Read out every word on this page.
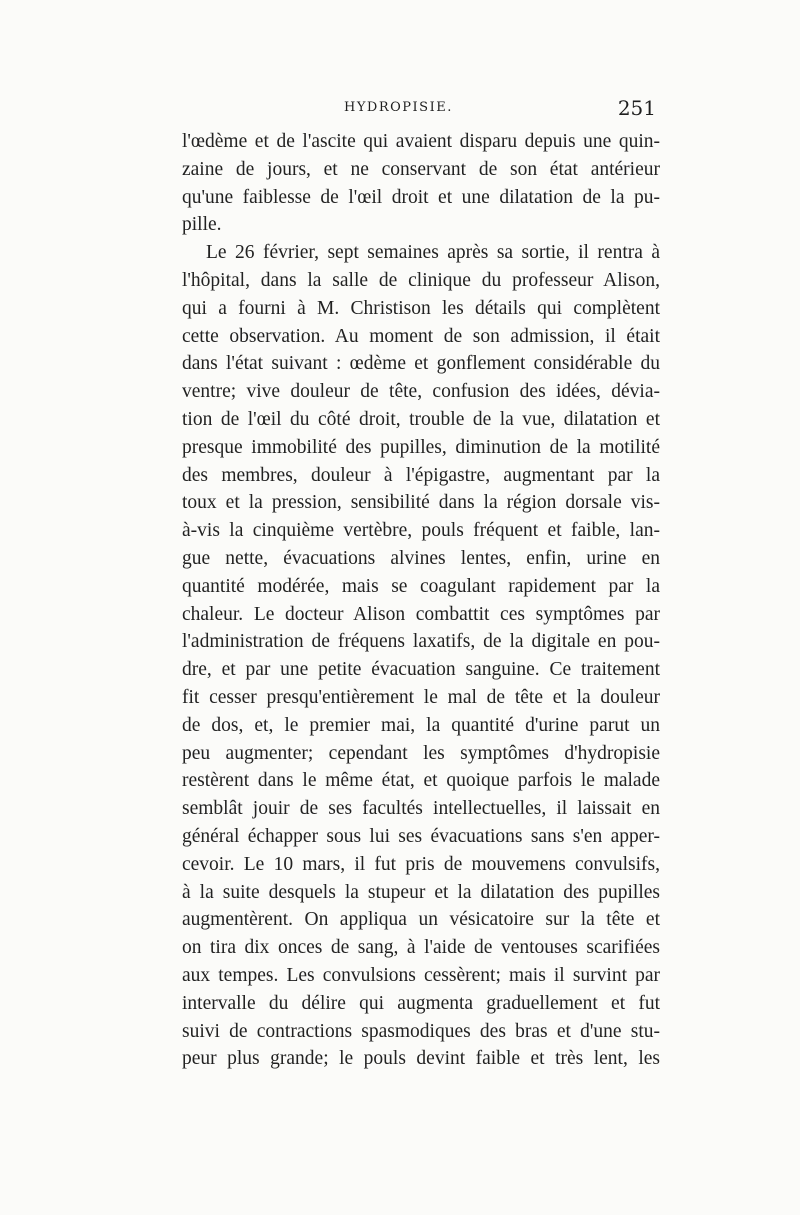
HYDROPISIE.	251
l'œdème et de l'ascite qui avaient disparu depuis une quin-
zaine de jours, et ne conservant de son état antérieur
qu'une faiblesse de l'œil droit et une dilatation de la pu-
pille.
Le 26 février, sept semaines après sa sortie, il rentra à
l'hôpital, dans la salle de clinique du professeur Alison,
qui a fourni à M. Christison les détails qui complètent
cette observation. Au moment de son admission, il était
dans l'état suivant : œdème et gonflement considérable du
ventre; vive douleur de tête, confusion des idées, dévia-
tion de l'œil du côté droit, trouble de la vue, dilatation et
presque immobilité des pupilles, diminution de la motilité
des membres, douleur à l'épigastre, augmentant par la
toux et la pression, sensibilité dans la région dorsale vis-
à-vis la cinquième vertèbre, pouls fréquent et faible, lan-
gue nette, évacuations alvines lentes, enfin, urine en
quantité modérée, mais se coagulant rapidement par la
chaleur. Le docteur Alison combattit ces symptômes par
l'administration de fréquens laxatifs, de la digitale en pou-
dre, et par une petite évacuation sanguine. Ce traitement
fit cesser presqu'entièrement le mal de tête et la douleur
de dos, et, le premier mai, la quantité d'urine parut un
peu augmenter; cependant les symptômes d'hydropisie
restèrent dans le même état, et quoique parfois le malade
semblât jouir de ses facultés intellectuelles, il laissait en
général échapper sous lui ses évacuations sans s'en apper-
cevoir. Le 10 mars, il fut pris de mouvemens convulsifs,
à la suite desquels la stupeur et la dilatation des pupilles
augmentèrent. On appliqua un vésicatoire sur la tête et
on tira dix onces de sang, à l'aide de ventouses scarifiées
aux tempes. Les convulsions cessèrent; mais il survint par
intervalle du délire qui augmenta graduellement et fut
suivi de contractions spasmodiques des bras et d'une stu-
peur plus grande; le pouls devint faible et très lent, les
